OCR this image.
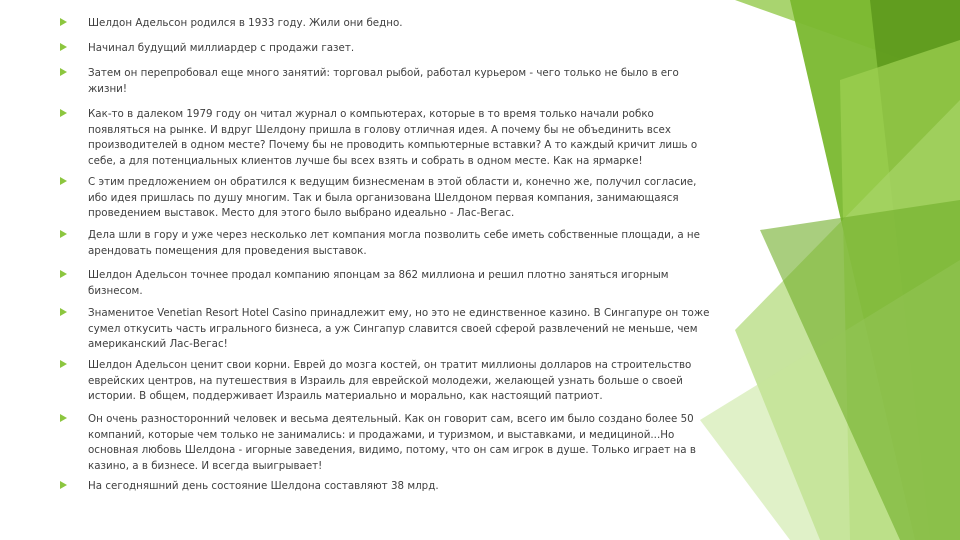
Шелдон Адельсон родился в 1933 году. Жили они бедно.
Начинал будущий миллиардер с продажи газет.
Затем он перепробовал еще много занятий: торговал рыбой, работал курьером - чего только не было в его жизни!
Как-то в далеком 1979 году он читал журнал о компьютерах, которые в то время только начали робко появляться на рынке. И вдруг Шелдону пришла в голову отличная идея. А почему бы не объединить всех производителей в одном месте? Почему бы не проводить компьютерные вставки? А то каждый кричит лишь о себе, а для потенциальных клиентов лучше бы всех взять и собрать в одном месте. Как на ярмарке!
С этим предложением он обратился к ведущим бизнесменам в этой области и, конечно же, получил согласие, ибо идея пришлась по душу многим. Так и была организована Шелдоном первая компания, занимающаяся проведением выставок. Место для этого было выбрано идеально - Лас-Вегас.
Дела шли в гору и уже через несколько лет компания могла позволить себе иметь собственные площади, а не арендовать помещения для проведения выставок.
Шелдон Адельсон точнее продал компанию японцам за 862 миллиона и решил плотно заняться игорным бизнесом.
Знаменитое Venetian Resort Hotel Casino принадлежит ему, но это не единственное казино. В Сингапуре он тоже сумел откусить часть игрального бизнеса, а уж Сингапур славится своей сферой развлечений не меньше, чем американский Лас-Вегас!
Шелдон Адельсон ценит свои корни. Еврей до мозга костей, он тратит миллионы долларов на строительство еврейских центров, на путешествия в Израиль для еврейской молодежи, желающей узнать больше о своей истории. В общем, поддерживает Израиль материально и морально, как настоящий патриот.
Он очень разносторонний человек и весьма деятельный. Как он говорит сам, всего им было создано более 50 компаний, которые чем только не занимались: и продажами, и туризмом, и выставками, и медициной...Но основная любовь Шелдона - игорные заведения, видимо, потому, что он сам игрок в душе. Только играет на в казино, а в бизнесе. И всегда выигрывает!
На сегодняшний день состояние Шелдона составляют 38 млрд.
